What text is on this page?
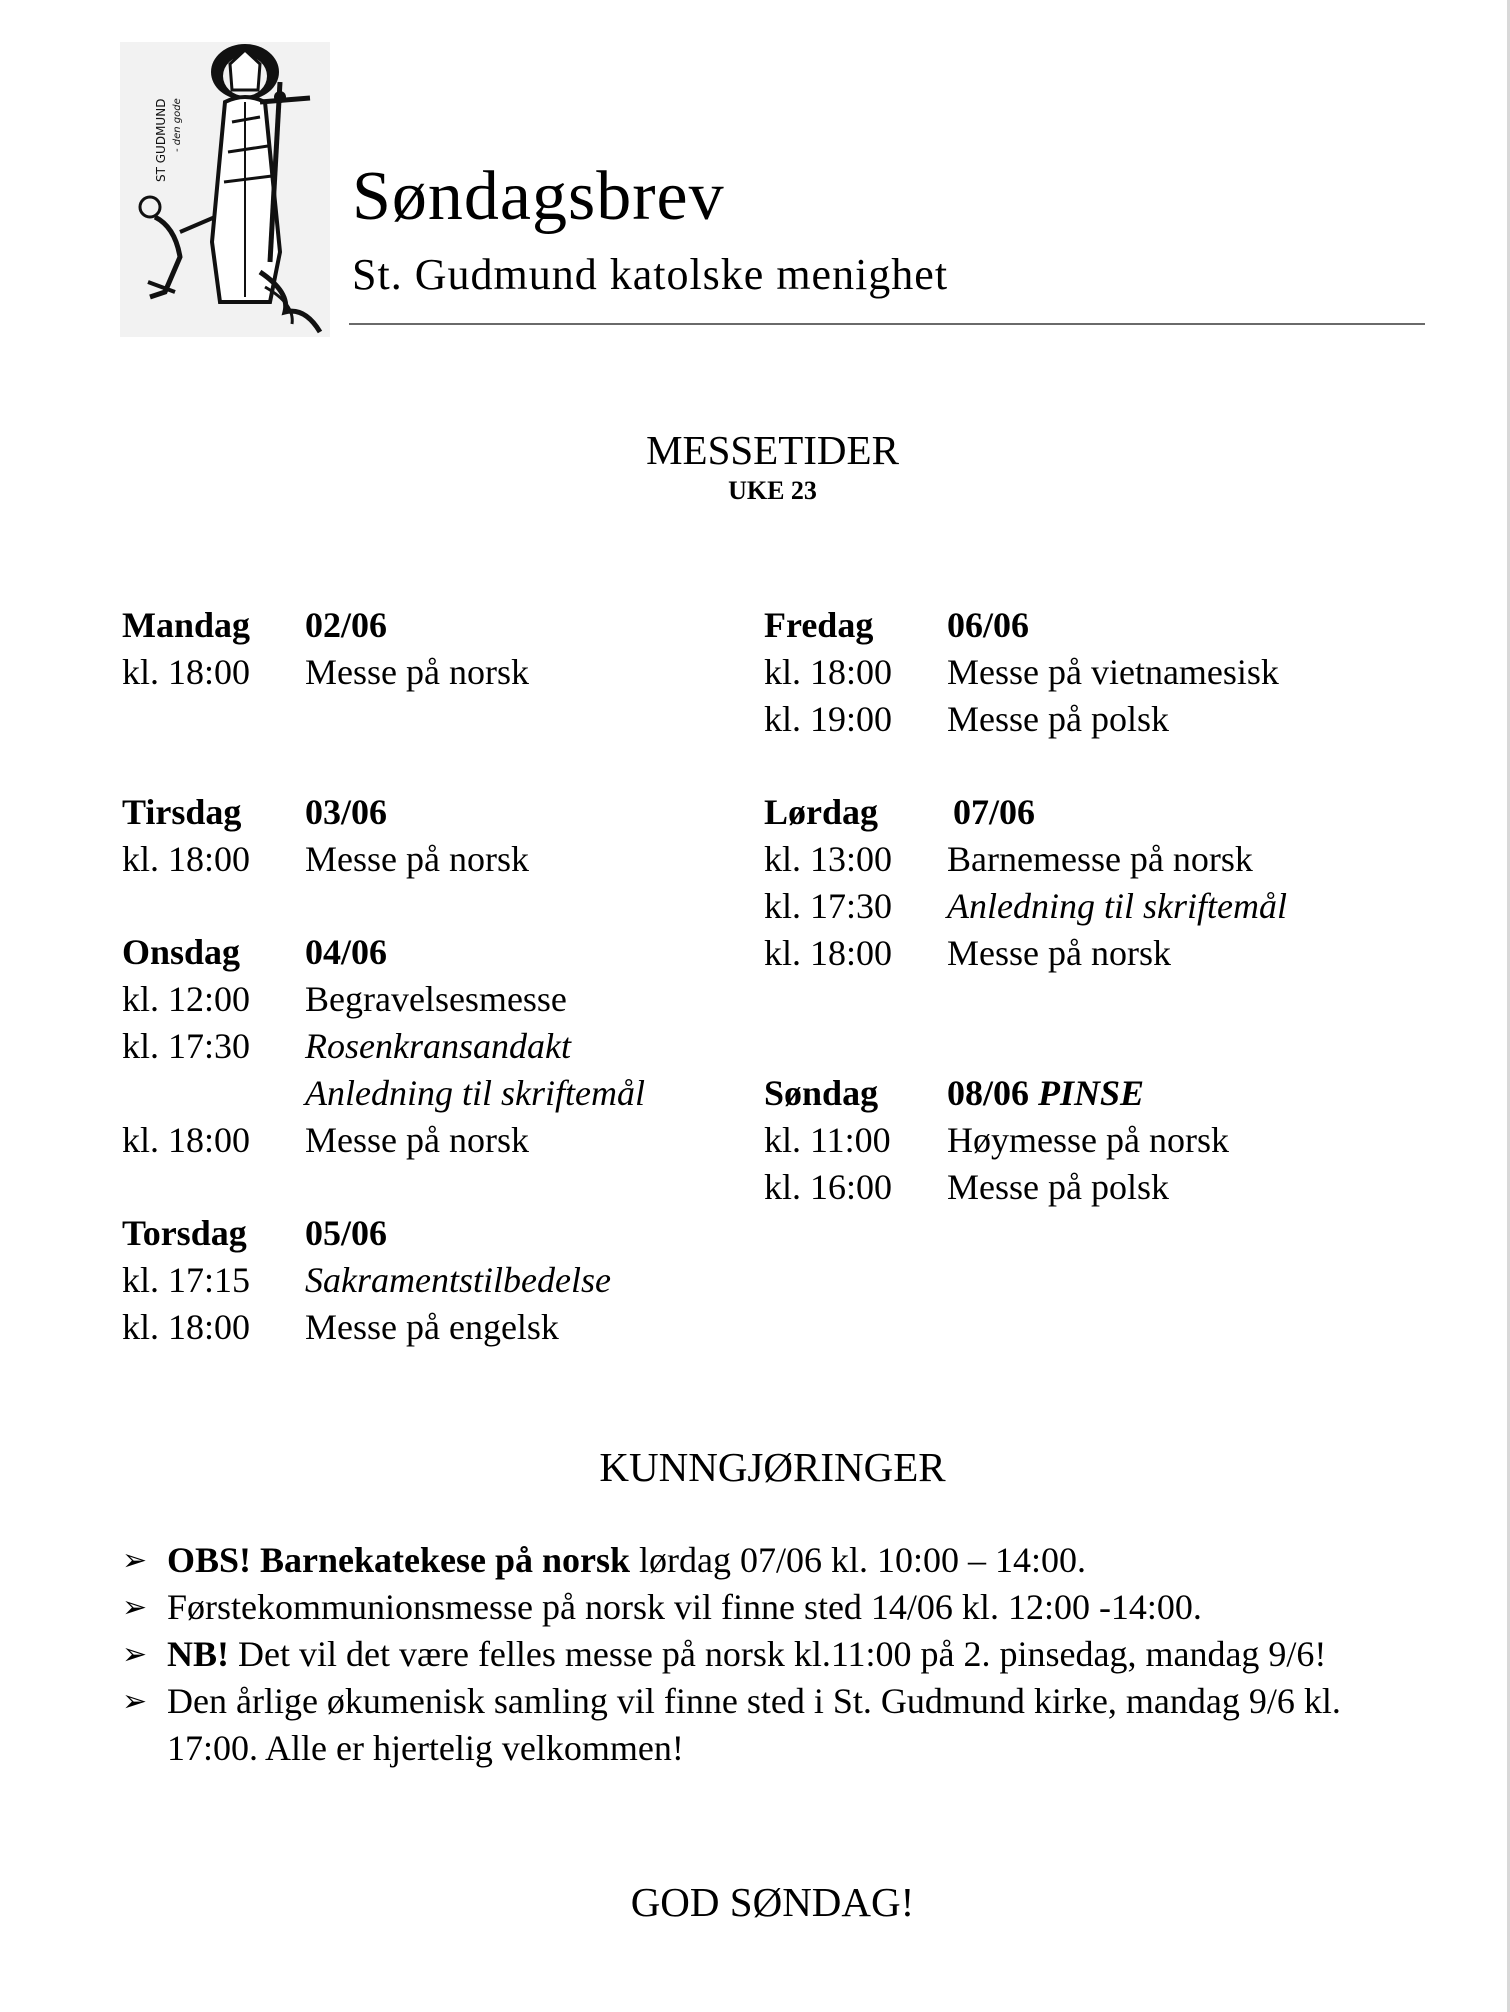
ST GUDMUND - den gode
Søndagsbrev
St. Gudmund katolske menighet
MESSETIDER
UKE 23
Mandag	02/06
kl. 18:00	Messe på norsk
Tirsdag	03/06
kl. 18:00	Messe på norsk
Onsdag	04/06
kl. 12:00	Begravelsesmesse
kl. 17:30	Rosenkransandakt
Anledning til skriftemål
kl. 18:00	Messe på norsk
Torsdag	05/06
kl. 17:15	Sakramentstilbedelse
kl. 18:00	Messe på engelsk
Fredag	06/06
kl. 18:00	Messe på vietnamesisk
kl. 19:00	Messe på polsk
Lørdag	07/06
kl. 13:00	Barnemesse på norsk
kl. 17:30	Anledning til skriftemål
kl. 18:00	Messe på norsk
Søndag	08/06 PINSE
kl. 11:00	Høymesse på norsk
kl. 16:00	Messe på polsk
KUNNGJØRINGER
➢ OBS! Barnekatekese på norsk lørdag 07/06 kl. 10:00 – 14:00.
➢ Førstekommunionsmesse på norsk vil finne sted 14/06 kl. 12:00 -14:00.
➢ NB! Det vil det være felles messe på norsk kl.11:00 på 2. pinsedag, mandag 9/6!
➢ Den årlige økumenisk samling vil finne sted i St. Gudmund kirke, mandag 9/6 kl. 17:00. Alle er hjertelig velkommen!
GOD SØNDAG!
